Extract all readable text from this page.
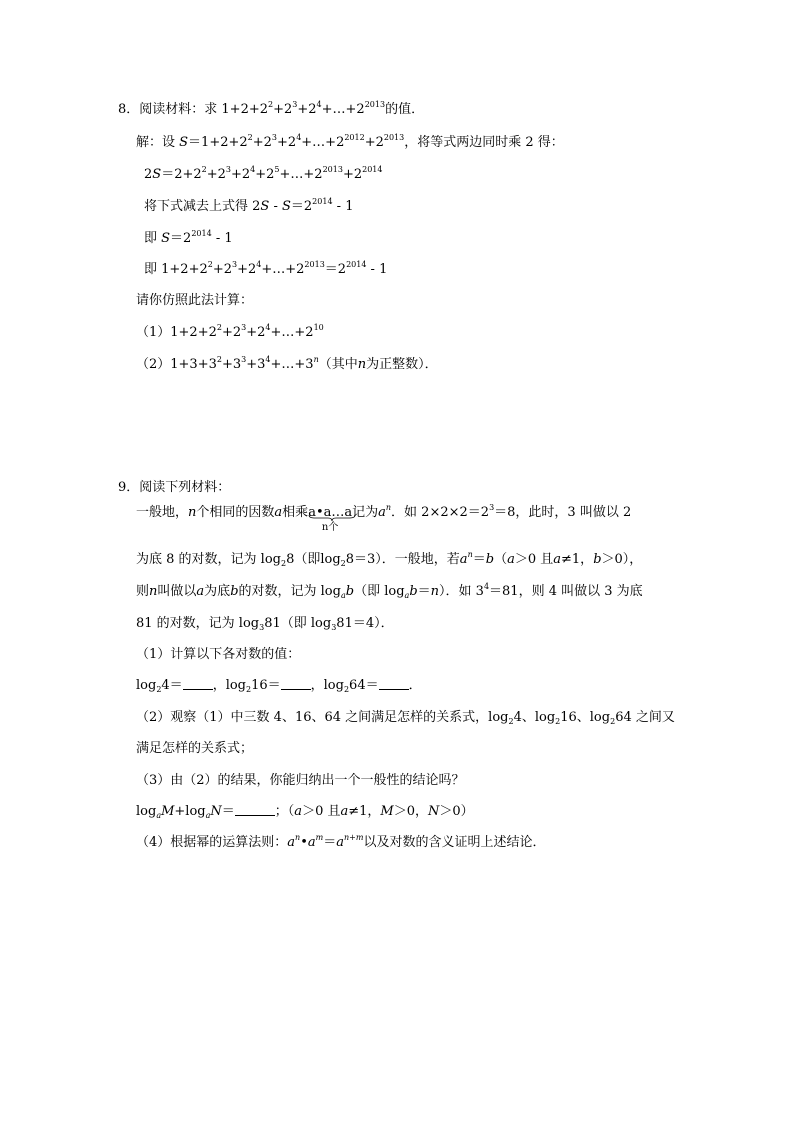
8．阅读材料：求 $1+2+2^2+2^3+2^4+\dots+2^{2013}$的值．
解：设 $S=1+2+2^2+2^3+2^4+\dots+2^{2012}+2^{2013}$，将等式两边同时乘 2 得：
$2S=2+2^2+2^3+2^4+2^5+\dots+2^{2013}+2^{2014}$
将下式减去上式得 $2S - S=2^{2014} - 1$
即 $S=2^{2014} - 1$
即 $1+2+2^2+2^3+2^4+\dots+2^{2013}=2^{2014} - 1$
请你仿照此法计算：
$(1)1+2+2^2+2^3+2^4+\dots+2^{10}$
$(2)1+3+3^2+3^3+3^4+\dots+3^n$（其中n为正整数）．
9．阅读下列材料：
一般地，n个相同的因数a相乘a•a…a
n个
记为$a^n$．如 $2\times 2\times 2=2^3=8$，此时，3 叫做以 2
为底 8 的对数，记为 $\log_28$（即$\log_28=3$）．一般地，若$a^n=b(a>0$ 且a≠1，b＞0），
则n叫做以a为底b的对数，记为 $\log_ab$（即 $\log_ab=n$）．如 $3^4=81$，则 4 叫做以 3 为底
81 的对数，记为 $\log_381$（即 $\log_381=4$）．
（1）计算以下各对数的值：
$\log_24=$ ，$\log_216=$ ，$\log_264=$ ．
（2）观察（1）中三数 4、16、64 之间满足怎样的关系式，$\log_24$、$\log_216$、$\log_264$ 之间又
满足怎样的关系式；
（3）由（2）的结果，你能归纳出一个一般性的结论吗？
$\log_aM+\log_aN=$	；（a＞0 且a≠1，M＞0，N＞0）
（4）根据幂的运算法则：$a^n•a^m=a^{n+m}$以及对数的含义证明上述结论．
